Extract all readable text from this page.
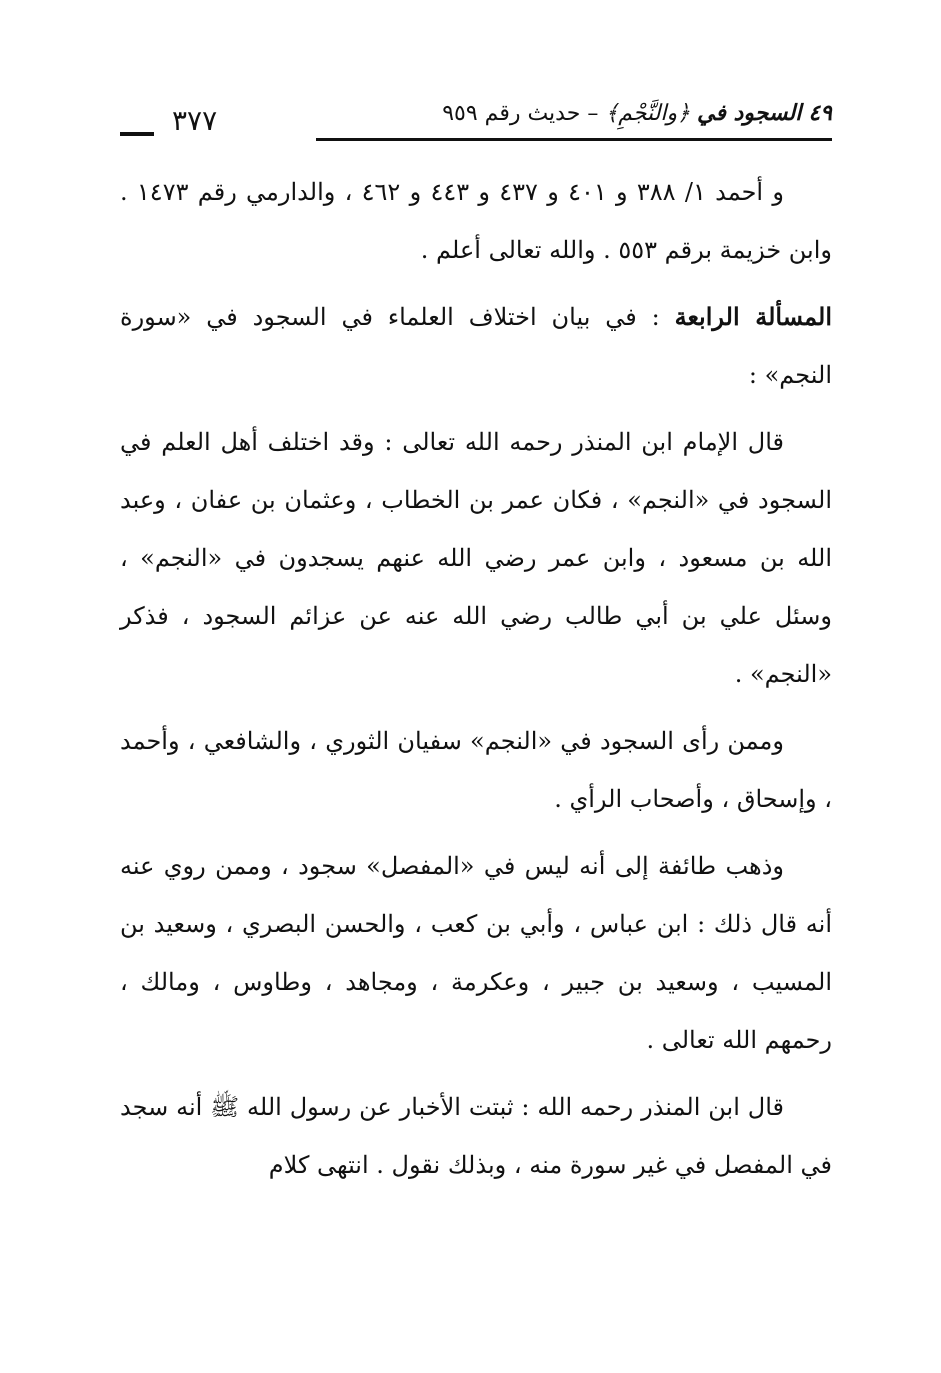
٤٩ السجود في ﴿والنَّجْمِ﴾ – حديث رقم ٩٥٩
٣٧٧

و أحمد ١/ ٣٨٨ و ٤٠١ و ٤٣٧ و ٤٤٣ و ٤٦٢ ، والدارمي رقم ١٤٧٣ . وابن خزيمة برقم ٥٥٣ . والله تعالى أعلم .

المسألة الرابعة : في بيان اختلاف العلماء في السجود في «سورة النجم» :

قال الإمام ابن المنذر رحمه الله تعالى : وقد اختلف أهل العلم في السجود في «النجم» ، فكان عمر بن الخطاب ، وعثمان بن عفان ، وعبد الله بن مسعود ، وابن عمر رضي الله عنهم يسجدون في «النجم» ، وسئل علي بن أبي طالب رضي الله عنه عن عزائم السجود ، فذكر «النجم» .

وممن رأى السجود في «النجم» سفيان الثوري ، والشافعي ، وأحمد ، وإسحاق ، وأصحاب الرأي .

وذهب طائفة إلى أنه ليس في «المفصل» سجود ، وممن روي عنه أنه قال ذلك : ابن عباس ، وأبي بن كعب ، والحسن البصري ، وسعيد بن المسيب ، وسعيد بن جبير ، وعكرمة ، ومجاهد ، وطاوس ، ومالك ، رحمهم الله تعالى .

قال ابن المنذر رحمه الله : ثبتت الأخبار عن رسول الله ﷺ أنه سجد في المفصل في غير سورة منه ، وبذلك نقول . انتهى كلام
